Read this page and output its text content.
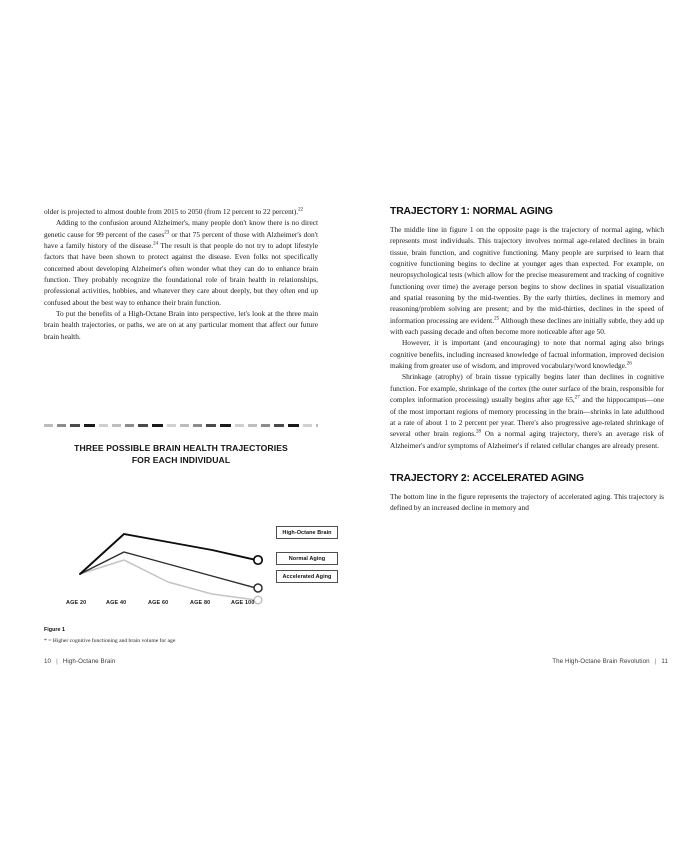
older is projected to almost double from 2015 to 2050 (from 12 percent to 22 percent).$^{22}$

Adding to the confusion around Alzheimer's, many people don't know there is no direct genetic cause for 99 percent of the cases$^{23}$ or that 75 percent of those with Alzheimer's don't have a family history of the disease.$^{24}$ The result is that people do not try to adopt lifestyle factors that have been shown to protect against the disease. Even folks not specifically concerned about developing Alzheimer's often wonder what they can do to enhance brain function. They probably recognize the foundational role of brain health in relationships, professional activities, hobbies, and whatever they care about deeply, but they often end up confused about the best way to enhance their brain function.

To put the benefits of a High-Octane Brain into perspective, let's look at the three main brain health trajectories, or paths, we are on at any particular moment that affect our future brain health.

THREE POSSIBLE BRAIN HEALTH TRAJECTORIES
FOR EACH INDIVIDUAL
High-Octane Brain
Normal Aging
Accelerated Aging
AGE 20	AGE 40	AGE 60	AGE 80	AGE 100
Figure 1
* = Higher cognitive functioning and brain volume for age
10 | High-Octane Brain
TRAJECTORY 1: NORMAL AGING

The middle line in figure 1 on the opposite page is the trajectory of normal aging, which represents most individuals. This trajectory involves normal age-related declines in brain tissue, brain function, and cognitive functioning. Many people are surprised to learn that cognitive functioning begins to decline at younger ages than expected. For example, on neuropsychological tests (which allow for the precise measurement and tracking of cognitive functioning over time) the average person begins to show declines in spatial visualization and spatial reasoning by the mid-twenties. By the early thirties, declines in memory and reasoning/problem solving are present; and by the mid-thirties, declines in the speed of information processing are evident.$^{25}$ Although these declines are initially subtle, they add up with each passing decade and often become more noticeable after age 50.

However, it is important (and encouraging) to note that normal aging also brings cognitive benefits, including increased knowledge of factual information, improved decision making from greater use of wisdom, and improved vocabulary/word knowledge.$^{26}$

Shrinkage (atrophy) of brain tissue typically begins later than declines in cognitive function. For example, shrinkage of the cortex (the outer surface of the brain, responsible for complex information processing) usually begins after age 65,27 and the hippocampus—one of the most important regions of memory processing in the brain—shrinks in late adulthood at a rate of about 1 to 2 percent per year. There's also progressive age-related shrinkage of several other brain regions.$^{28}$ On a normal aging trajectory, there's an average risk of Alzheimer's and/or symptoms of Alzheimer's if related cellular changes are already present.

TRAJECTORY 2: ACCELERATED AGING

The bottom line in the figure represents the trajectory of accelerated aging. This trajectory is defined by an increased decline in memory and

The High-Octane Brain Revolution | 11
